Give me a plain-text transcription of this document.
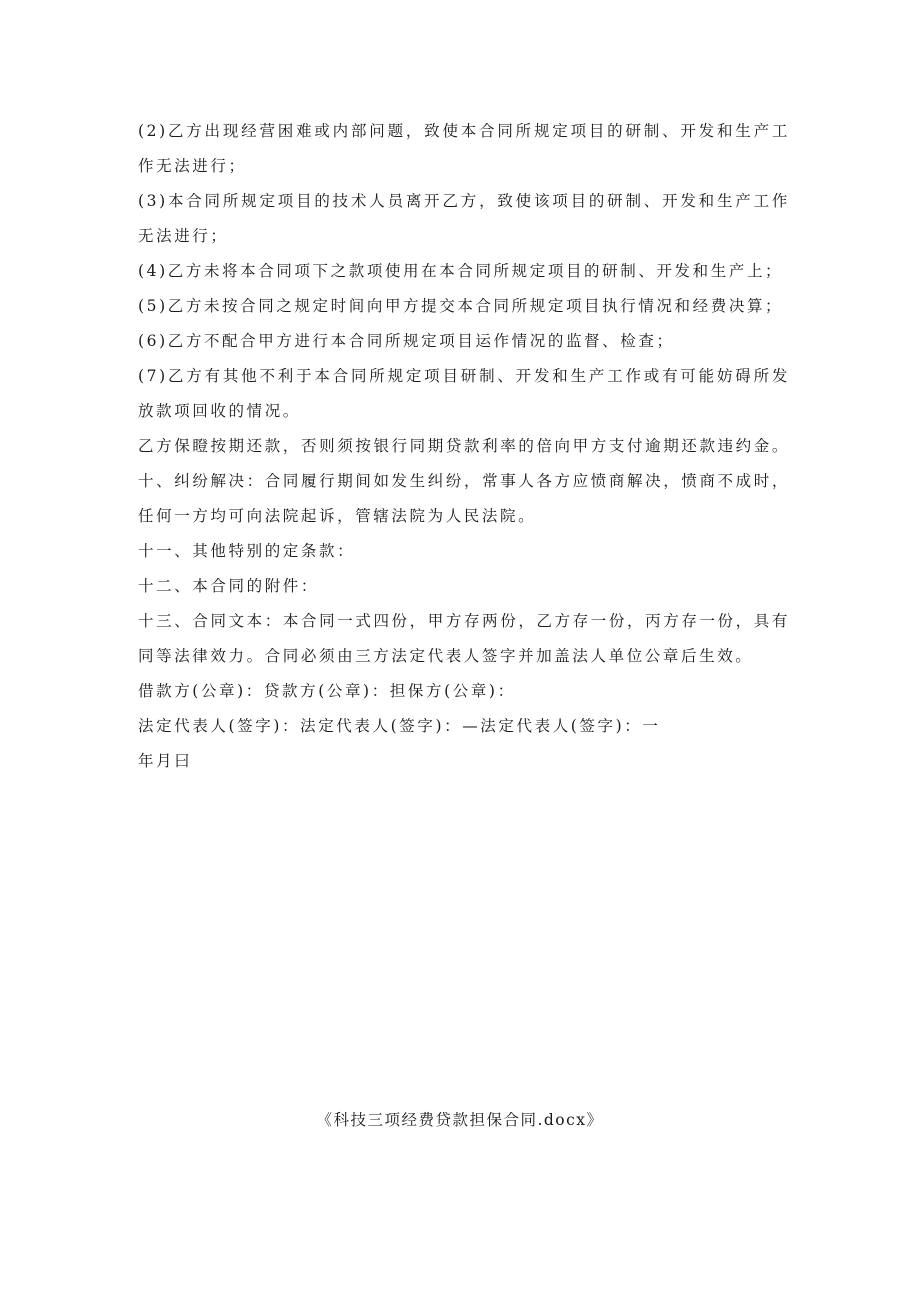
(2)乙方出现经营困难或内部问题，致使本合同所规定项目的研制、开发和生产工作无法进行；

(3)本合同所规定项目的技术人员离开乙方，致使该项目的研制、开发和生产工作无法进行；

(4)乙方未将本合同项下之款项使用在本合同所规定项目的研制、开发和生产上；

(5)乙方未按合同之规定时间向甲方提交本合同所规定项目执行情况和经费决算；

(6)乙方不配合甲方进行本合同所规定项目运作情况的监督、检查；

(7)乙方有其他不利于本合同所规定项目研制、开发和生产工作或有可能妨碍所发放款项回收的情况。

乙方保瞪按期还款，否则须按银行同期贷款利率的倍向甲方支付逾期还款违约金。十、纠纷解决：合同履行期间如发生纠纷，常事人各方应愤商解决，愤商不成时，任何一方均可向法院起诉，管辖法院为人民法院。

十一、其他特别的定条款：

十二、本合同的附件：

十三、合同文本：本合同一式四份，甲方存两份，乙方存一份，丙方存一份，具有同等法律效力。合同必须由三方法定代表人签字并加盖法人单位公章后生效。

借款方(公章)：贷款方(公章)：担保方(公章)：

法定代表人(签字)：法定代表人(签字)：—法定代表人(签字)：一

年月曰

《科技三项经费贷款担保合同.docx》
